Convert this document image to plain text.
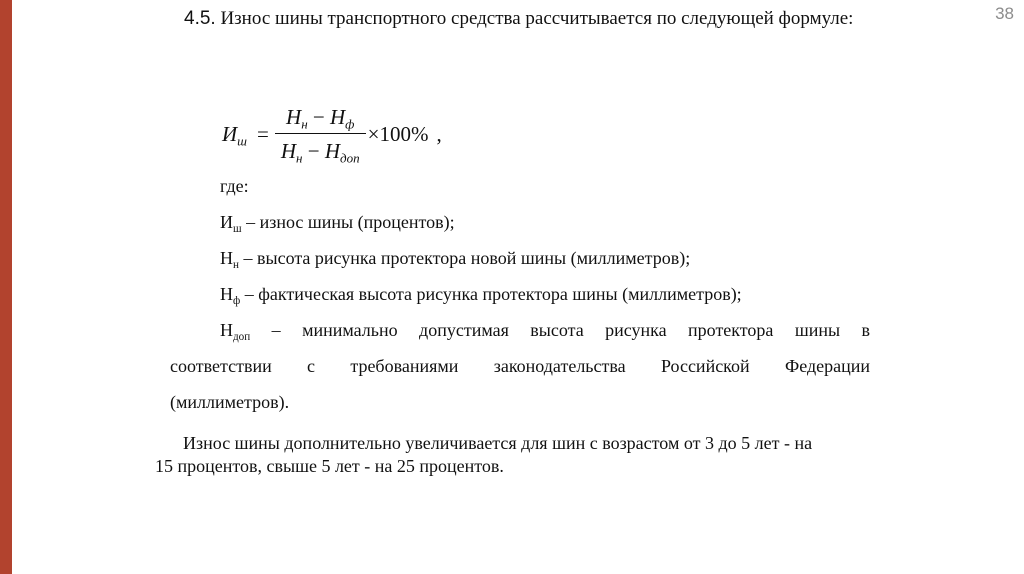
38
4.5. Износ шины транспортного средства рассчитывается по следующей формуле:
$И_ш = \frac{Н_н - Н_ф}{Н_н - Н_{доп}} \times 100\%$ ,
где:
$И_ш$ – износ шины (процентов);
$Н_н$ – высота рисунка протектора новой шины (миллиметров);
$Н_ф$ – фактическая высота рисунка протектора шины (миллиметров);
$Н_{доп}$ – минимально допустимая высота рисунка протектора шины в
соответствии с требованиями законодательства Российской Федерации
(миллиметров).
Износ шины дополнительно увеличивается для шин с возрастом от 3 до 5 лет - на
15 процентов, свыше 5 лет - на 25 процентов.
